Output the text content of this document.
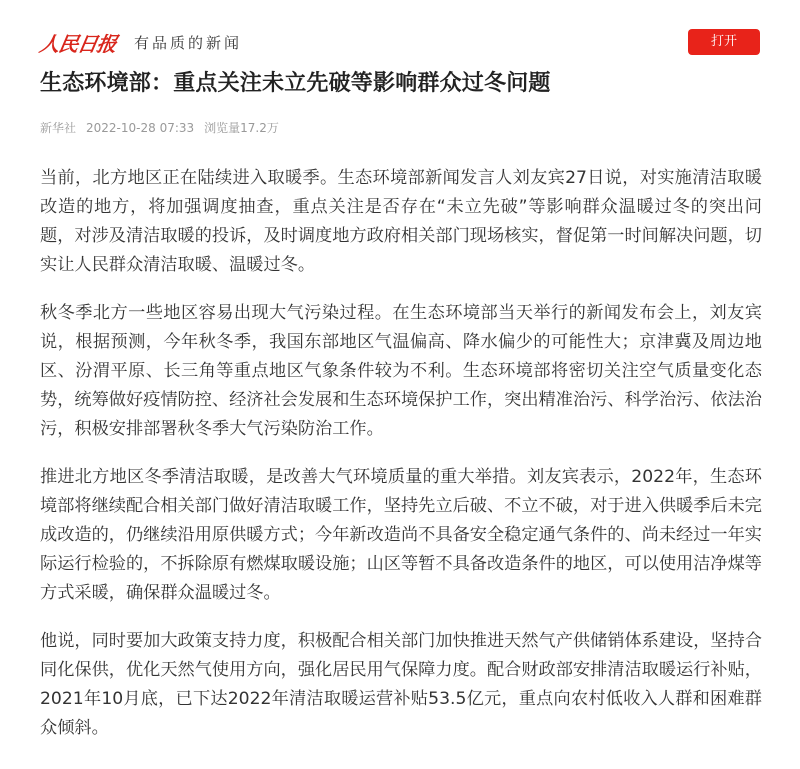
人民日报 有品质的新闻	打开
生态环境部：重点关注未立先破等影响群众过冬问题
新华社 2022-10-28 07:33 浏览量17.2万

当前，北方地区正在陆续进入取暖季。生态环境部新闻发言人刘友宾27日说，对实施清洁取暖改造的地方，将加强调度抽查，重点关注是否存在“未立先破”等影响群众温暖过冬的突出问题，对涉及清洁取暖的投诉，及时调度地方政府相关部门现场核实，督促第一时间解决问题，切实让人民群众清洁取暖、温暖过冬。

秋冬季北方一些地区容易出现大气污染过程。在生态环境部当天举行的新闻发布会上，刘友宾说，根据预测，今年秋冬季，我国东部地区气温偏高、降水偏少的可能性大；京津冀及周边地区、汾渭平原、长三角等重点地区气象条件较为不利。生态环境部将密切关注空气质量变化态势，统筹做好疫情防控、经济社会发展和生态环境保护工作，突出精准治污、科学治污、依法治污，积极安排部署秋冬季大气污染防治工作。

推进北方地区冬季清洁取暖，是改善大气环境质量的重大举措。刘友宾表示，2022年，生态环境部将继续配合相关部门做好清洁取暖工作，坚持先立后破、不立不破，对于进入供暖季后未完成改造的，仍继续沿用原供暖方式；今年新改造尚不具备安全稳定通气条件的、尚未经过一年实际运行检验的，不拆除原有燃煤取暖设施；山区等暂不具备改造条件的地区，可以使用洁净煤等方式采暖，确保群众温暖过冬。

他说，同时要加大政策支持力度，积极配合相关部门加快推进天然气产供储销体系建设，坚持合同化保供，优化天然气使用方向，强化居民用气保障力度。配合财政部安排清洁取暖运行补贴，2021年10月底，已下达2022年清洁取暖运营补贴53.5亿元，重点向农村低收入人群和困难群众倾斜。
